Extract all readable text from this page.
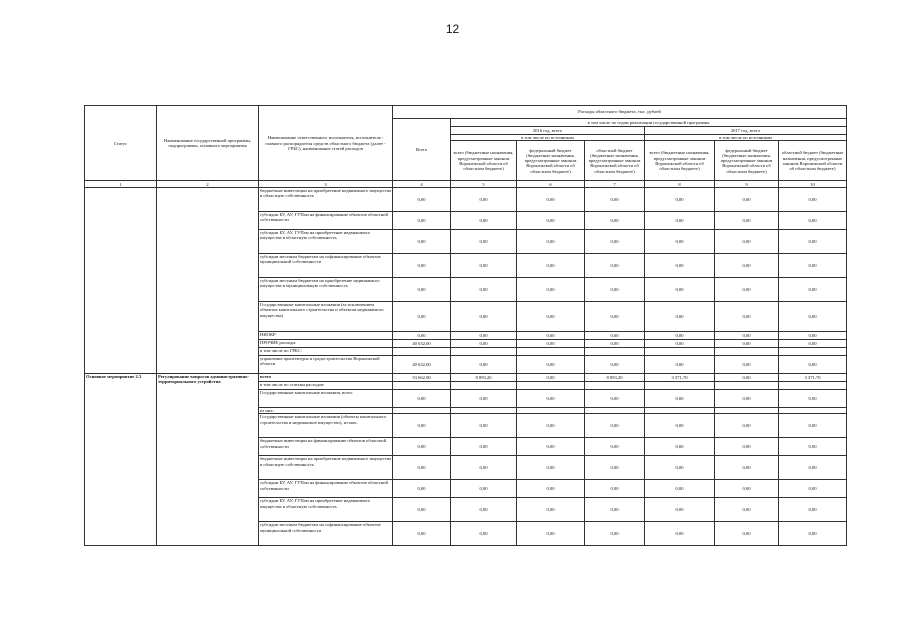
12
Статус	Наименование государственной программы, подпрограммы, основного мероприятия	Наименование ответственного исполнителя, исполнителя - главного распорядителя средств областного бюджета (далее - ГРБС), наименование статей расходов	Расходы областного бюджета, тыс. рублей						
			Всего	в том числе по годам реализации государственной программы					
				2016 год, всего			2017 год, всего		
				в том числе по источникам			в том числе по источникам		
				всего (бюджетные назначения, предусмотренные законом Воронежской области об областном бюджете)	федеральный бюджет (бюджетные назначения, предусмотренные законом Воронежской области об областном бюджете)	областной бюджет (бюджетные назначения, предусмотренные законом Воронежской области об областном бюджете)	всего (бюджетные назначения, предусмотренные законом Воронежской области об областном бюджете)	федеральный бюджет (бюджетные назначения, предусмотренные законом Воронежской области об областном бюджете)	областной бюджет (бюджетные назначения, предусмотренные законом Воронежской области об областном бюджете)
1	2	3	4	5	6	7	8	9	10
		бюджетные инвестиции на приобретение недвижимого имущества в областную собственность	0,00	0,00	0,00	0,00	0,00	0,00	0,00
		субсидии БУ, АУ, ГУПам на финансирование объектов областной собственности	0,00	0,00	0,00	0,00	0,00	0,00	0,00
		субсидии БУ, АУ, ГУПам на приобретение недвижимого имущества в областную собственность	0,00	0,00	0,00	0,00	0,00	0,00	0,00
		субсидии местным бюджетам на софинансирование объектов муниципальной собственности	0,00	0,00	0,00	0,00	0,00	0,00	0,00
		субсидии местным бюджетам на приобретение недвижимого имущества в муниципальную собственность	0,00	0,00	0,00	0,00	0,00	0,00	0,00
		Государственные капитальные вложения (за исключением объектов капитального строительства и объектов недвижимого имущества)	0,00	0,00	0,00	0,00	0,00	0,00	0,00
		НИОКР	0,00	0,00	0,00	0,00	0,00	0,00	0,00
		ПРОЧИЕ расходы	40 632,00	0,00	0,00	0,00	0,00	0,00	0,00
		в том числе по ГРБС:							
		управление архитектуры и градостроительства Воронежской области	40 632,00	0,00	0,00	0,00	0,00	0,00	0,00
Основное мероприятие 2.3	Регулирование вопросов административно-территориального устройства	всего	53 662,90	8 893,20	0,00	8 893,20	3 371,70	0,00	3 371,70
		в том числе по статьям расходов:							
		Государственные капитальные вложения, всего	0,00	0,00	0,00	0,00	0,00	0,00	0,00
		из них:							
		Государственные капитальные вложения (объекты капитального строительства и недвижимое имущество), из них:	0,00	0,00	0,00	0,00	0,00	0,00	0,00
		бюджетные инвестиции на финансирование объектов областной собственности	0,00	0,00	0,00	0,00	0,00	0,00	0,00
		бюджетные инвестиции на приобретение недвижимого имущества в областную собственность	0,00	0,00	0,00	0,00	0,00	0,00	0,00
		субсидии БУ, АУ, ГУПам на финансирование объектов областной собственности	0,00	0,00	0,00	0,00	0,00	0,00	0,00
		субсидии БУ, АУ, ГУПам на приобретение недвижимого имущества в областную собственность	0,00	0,00	0,00	0,00	0,00	0,00	0,00
		субсидии местным бюджетам на софинансирование объектов муниципальной собственности	0,00	0,00	0,00	0,00	0,00	0,00	0,00
